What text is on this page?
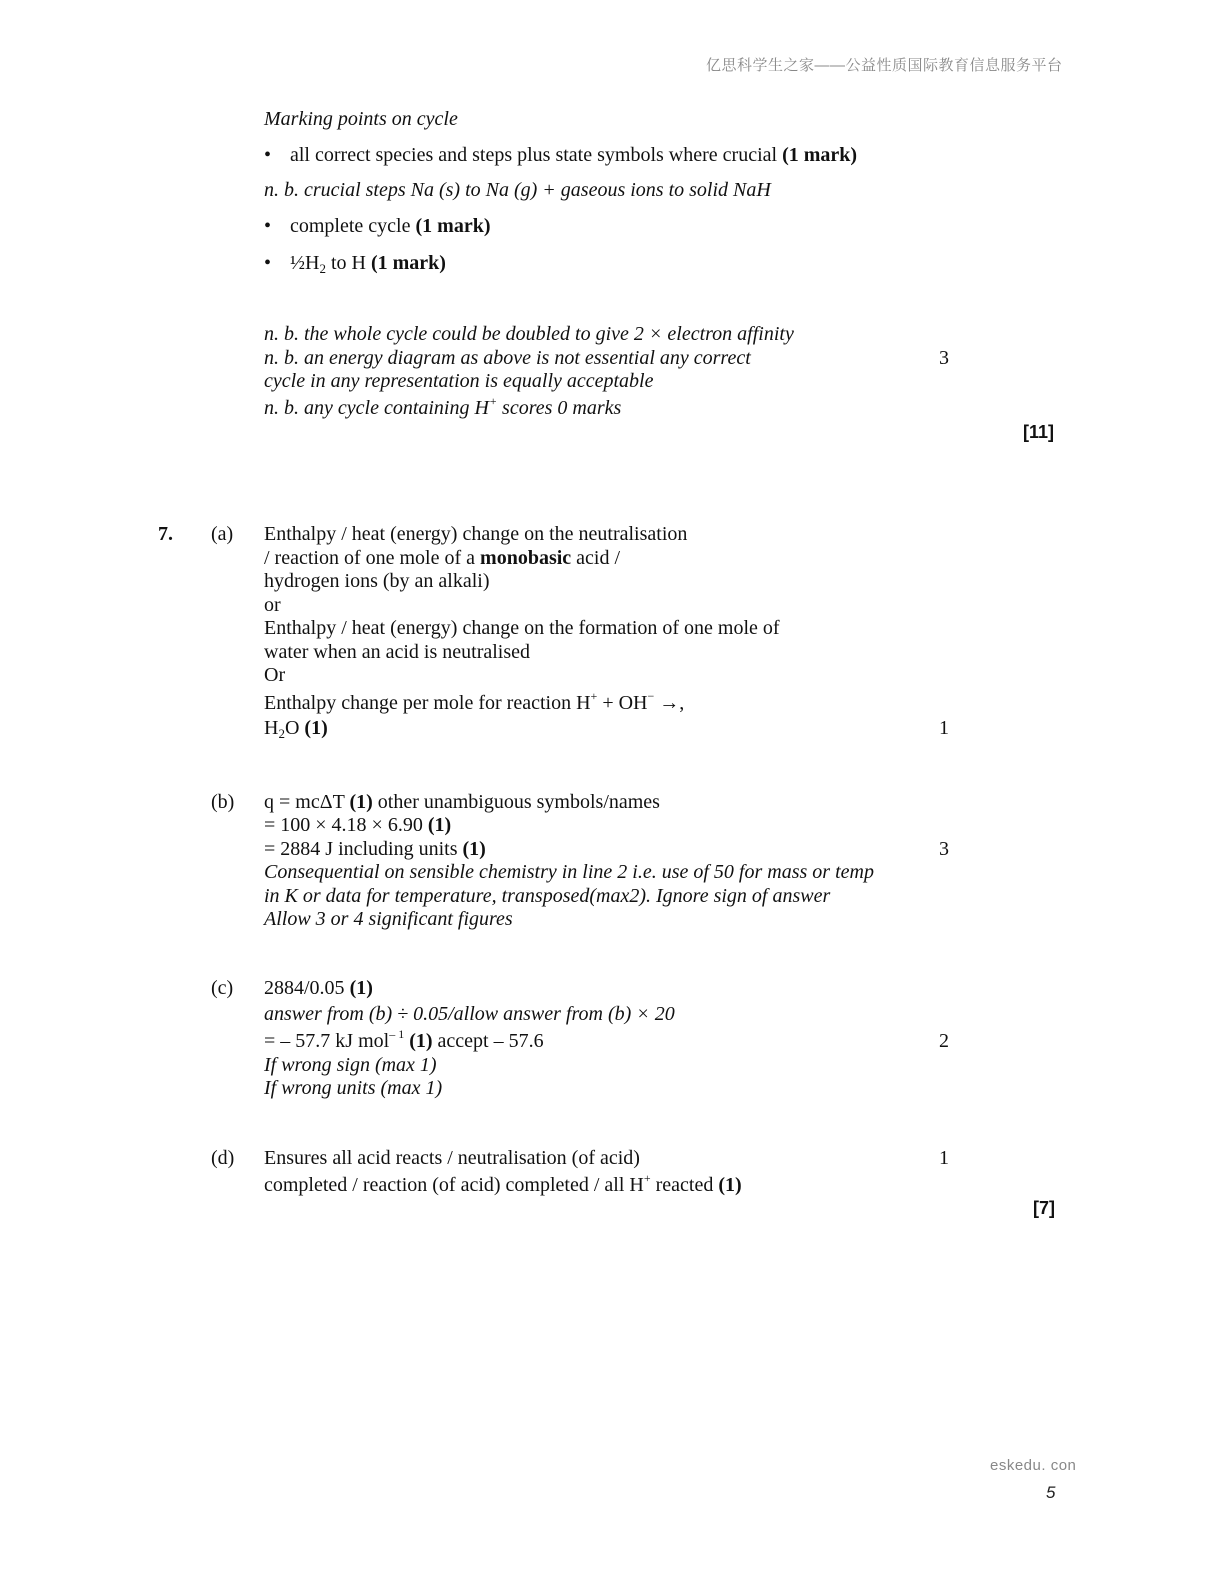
亿思科学生之家——公益性质国际教育信息服务平台
Marking points on cycle
• all correct species and steps plus state symbols where crucial (1 mark)
n. b. crucial steps Na (s) to Na (g) + gaseous ions to solid NaH
• complete cycle (1 mark)
• $\frac{1}{2}H_2$ to H (1 mark)
n. b. the whole cycle could be doubled to give 2 × electron affinity
n. b. an energy diagram as above is not essential any correct
cycle in any representation is equally acceptable
n. b. any cycle containing H+ scores 0 marks
3
[11]
7. (a) Enthalpy / heat (energy) change on the neutralisation
/ reaction of one mole of a monobasic acid /
hydrogen ions (by an alkali)
or
Enthalpy / heat (energy) change on the formation of one mole of
water when an acid is neutralised
Or
Enthalpy change per mole for reaction H+ + OH− →,
$H_2O$ (1)	1
(b) q = mcΔT (1) other unambiguous symbols/names
= 100 × 4.18 × 6.90 (1)
= 2884 J including units (1)
Consequential on sensible chemistry in line 2 i.e. use of 50 for mass or temp
in K or data for temperature, transposed(max2). Ignore sign of answer
Allow 3 or 4 significant figures
3
(c) 2884/0.05 (1)
answer from (b) ÷ 0.05/allow answer from (b) × 20
= – 57.7 kJ mol$^{- 1}$ (1) accept – 57.6
If wrong sign (max 1)
If wrong units (max 1)
2
(d) Ensures all acid reacts / neutralisation (of acid)
completed / reaction (of acid) completed / all H+ reacted (1)
1
[7]
eskedu. con
5
